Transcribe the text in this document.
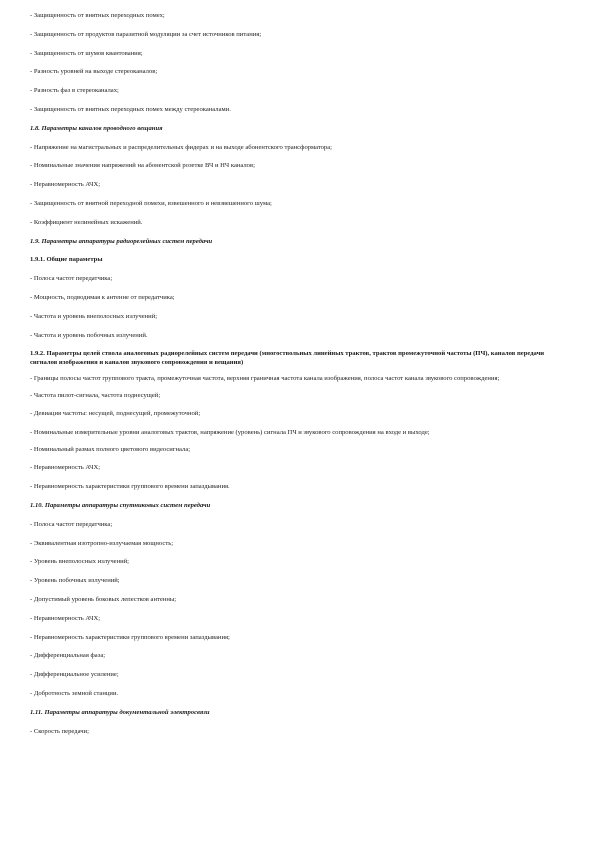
- Защищенность от внятных переходных помех;

- Защищенность от продуктов паразитной модуляции за счет источников питания;

- Защищенность от шумов квантования;

- Разность уровней на выходе стереоканалов;

- Разность фаз в стереоканалах;

- Защищенность от внятных переходных помех между стереоканалами.

1.8. Параметры каналов проводного вещания

- Напряжение на магистральных и распределительных фидерах и на выходе абонентского трансформатора;

- Номинальные значения напряжений на абонентской розетке ВЧ и НЧ каналов;

- Неравномерность АЧХ;

- Защищенность от внятной переходной помехи, взвешенного и невзвешенного шума;

- Коэффициент нелинейных искажений.

1.9. Параметры аппаратуры радиорелейных систем передачи

1.9.1. Общие параметры

- Полоса частот передатчика;

- Мощность, подводимая к антенне от передатчика;

- Частота и уровень внеполосных излучений;

- Частота и уровень побочных излучений.

1.9.2. Параметры целей ствола аналоговых радиорелейных систем передачи (многоствольных линейных трактов, трактов промежуточной частоты (ПЧ), каналов передачи сигналов изображения и каналов звукового сопровождения и вещания)

- Границы полосы частот группового тракта, промежуточная частота, верхняя граничная частота канала изображения, полоса частот канала звукового сопровождения;

- Частота пилот-сигнала, частота поднесущей;

- Девиация частоты: несущей, поднесущей, промежуточной;

- Номинальные измерительные уровни аналоговых трактов, напряжение (уровень) сигнала ПЧ и звукового сопровождения на входе и выходе;

- Номинальный размах полного цветового видеосигнала;

- Неравномерность АЧХ;

- Неравномерность характеристики группового времени запаздывания.

1.10. Параметры аппаратуры спутниковых систем передачи

- Полоса частот передатчика;

- Эквивалентная изотропно-излучаемая мощность;

- Уровень внеполосных излучений;

- Уровень побочных излучений;

- Допустимый уровень боковых лепестков антенны;

- Неравномерность АЧХ;

- Неравномерность характеристики группового времени запаздывания;

- Дифференциальная фаза;

- Дифференциальное усиление;

- Добротность земной станции.

1.11. Параметры аппаратуры документальной электросвязи

- Скорость передачи;
